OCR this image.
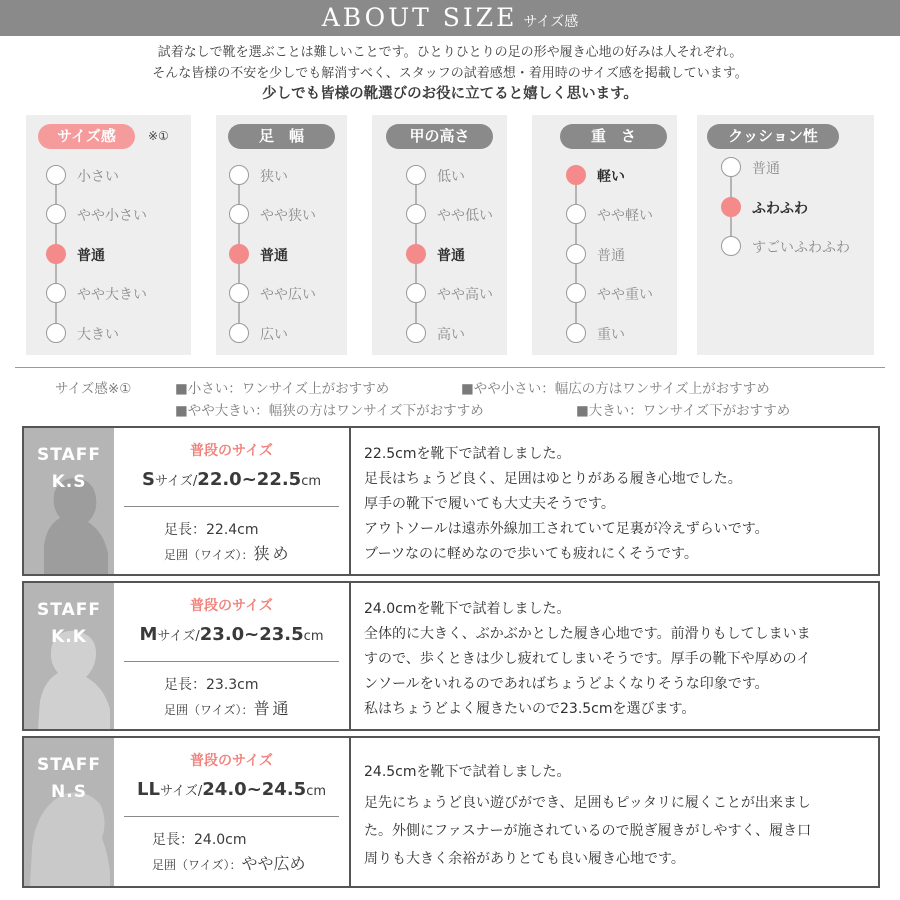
ABOUT SIZE サイズ感
試着なしで靴を選ぶことは難しいことです。ひとりひとりの足の形や履き心地の好みは人それぞれ。
そんな皆様の不安を少しでも解消すべく、スタッフの試着感想・着用時のサイズ感を掲載しています。
少しでも皆様の靴選びのお役に立てると嬉しく思います。
サイズ感	※①
小さい
やや小さい
普通
やや大きい
大きい
足　幅
狭い
やや狭い
普通
やや広い
広い
甲の高さ
低い
やや低い
普通
やや高い
高い
重　さ
軽い
やや軽い
普通
やや重い
重い
クッション性
普通
ふわふわ
すごいふわふわ
サイズ感※①	■小さい：ワンサイズ上がおすすめ	■やや小さい：幅広の方はワンサイズ上がおすすめ
■やや大きい：幅狭の方はワンサイズ下がおすすめ	■大きい：ワンサイズ下がおすすめ
STAFF
K.S
普段のサイズ
Sサイズ/22.0~22.5cm
足長：22.4cm
足囲（ワイズ）：狭め
22.5cmを靴下で試着しました。
足長はちょうど良く、足囲はゆとりがある履き心地でした。
厚手の靴下で履いても大丈夫そうです。
アウトソールは遠赤外線加工されていて足裏が冷えずらいです。
ブーツなのに軽めなので歩いても疲れにくそうです。
STAFF
K.K
普段のサイズ
Mサイズ/23.0~23.5cm
足長：23.3cm
足囲（ワイズ）：普通
24.0cmを靴下で試着しました。
全体的に大きく、ぶかぶかとした履き心地です。前滑りもしてしまいま
すので、歩くときは少し疲れてしまいそうです。厚手の靴下や厚めのイ
ンソールをいれるのであればちょうどよくなりそうな印象です。
私はちょうどよく履きたいので23.5cmを選びます。
STAFF
N.S
普段のサイズ
LLサイズ/24.0~24.5cm
足長：24.0cm
足囲（ワイズ）：やや広め
24.5cmを靴下で試着しました。
足先にちょうど良い遊びができ、足囲もピッタリに履くことが出来まし
た。外側にファスナーが施されているので脱ぎ履きがしやすく、履き口
周りも大きく余裕がありとても良い履き心地です。
